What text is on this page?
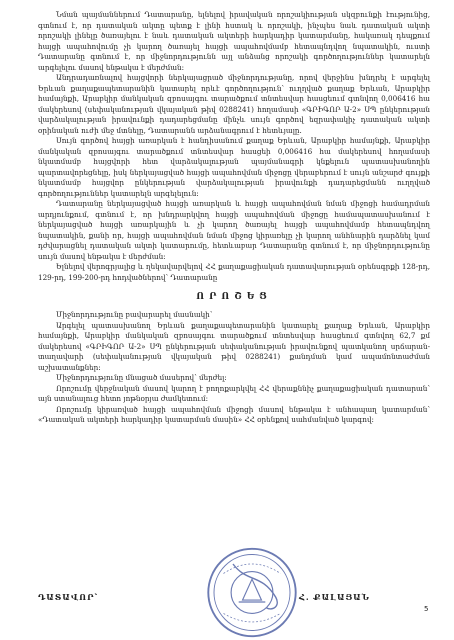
Նման պայմաններում Դատարանը, ելնելով իրավական որոշակիության սկզբունքի էությունից, գտնում է, որ դատական ակտը պետք է լինի հստակ և որոշակի, ինչպես նաև դատական ակտի որոշակի լինելը ծառայելու է նաև դատական ակտերի հարկադիր կատարմանը, հակառակ դեպքում հայցի ապահովումը չի կարող ծառայել հայցի ապահովմամբ հետապնդվող նպատակին, ուստի Դատարանը գտնում է, որ միջնորդությունն այլ անձանց որոշակի գործողություններ կատարելն արգելելու մասով ենթակա է մերժման:

Անդրադառնալով հայցվորի ներկայացրած միջնորդությանը, որով վերջինս խնդրել է արգելել Երևան քաղաքապետարանին կատարել որևէ գործողություն՝ ուղղված քաղաք Երևան, Արաբկիր համայնքի, Արաբկիր մանկական զբոսայգու տարածքում տնտեսվար հասցեում գտնվող 0,006416 հա մակերեսով (սեփականության վկայական թիվ 0288241) հողամասի «ԳՐԻԳՈՐ Ա-2» ՍՊ ընկերության վարձակալության իրավունքի դադարեցմանը մինչև սույն գործով եզրափակիչ դատական ակտի օրինական ուժի մեջ մտնելը, Դատարանն արձանագրում է հետևյալը.

Սույն գործով հայցի առարկան է հանդիսանում քաղաք Երևան, Արաբկիր համայնքի, Արաբկիր մանկական զբոսայգու տարածքում տնտեսվար հասցեի 0,006416 հա մակերեսով հողամասի նկատմամբ հայցվորի հետ վարձակալության պայմանագրի կնքելուն պատասխանողին պարտավորեցնելը, իսկ ներկայացված հայցի ապահովման միջոցը վերաբերում է սույն անշարժ գույքի նկատմամբ հայցվոր ընկերության վարձակալության իրավունքի դադարեցմանն ուղղված գործողություններ կատարելն արգելելուն:

Դատարանը ներկայացված հայցի առարկան և հայցի ապահովման նման միջոցի համադրման արդյունքում, գտնում է, որ խնդրարկվող հայցի ապահովման միջոցը համապատասխանում է ներկայացված հայցի առարկային և չի կարող ծառայել հայցի ապահովմամբ հետապնդվող նպատակին, քանի որ, հայցի ապահովման նման միջոց կիրառելը չի կարող անհնարին դարձնել կամ դժվարացնել դատական ակտի կատարումը, հետևաբար Դատարանը գտնում է, որ միջնորդությունը սույն մասով ենթակա է մերժման:

Ելնելով վերոգրյալից և ղեկավարվելով ՀՀ քաղաքացիական դատավարության օրենսգրքի 128-րդ, 129-րդ, 199-200-րդ հոդվածներով՝ Դատարանը

ՈՐՈՇԵՑ

Միջնորդությունը բավարարել մասնակի՝

Արգելել պատասխանող Երևան քաղաքապետարանին կատարել քաղաք Երևան, Արաբկիր համայնքի, Արաբկիր մանկական զբոսայգու տարածքում տնտեսվար հասցեում գտնվող 62,7 քմ մակերեսով «ԳՐԻԳՈՐ Ա-2» ՍՊ ընկերության սեփականության իրավունքով պատկանող սրճարան-տաղավարի (սեփականության վկայական թիվ 0288241) քանդման կամ ապամոնտաժման աշխատանքներ:

Միջնորդությունը մնացած մասերով՝ մերժել:

Որոշումը վերջնական մասով կարող է բողոքարկվել ՀՀ վերաքննիչ քաղաքացիական դատարան՝ այն ստանալուց հետո յոթնօրյա ժամկետում:

Որոշումը կիրառված հայցի ապահովման միջոցի մասով ենթակա է անհապաղ կատարման՝ «Դատական ակտերի հարկադիր կատարման մասին» ՀՀ օրենքով սահմանված կարգով:

ԴԱՏԱՎՈՐ՝	Հ. ՔԱԼԱՅԱՆ
5
